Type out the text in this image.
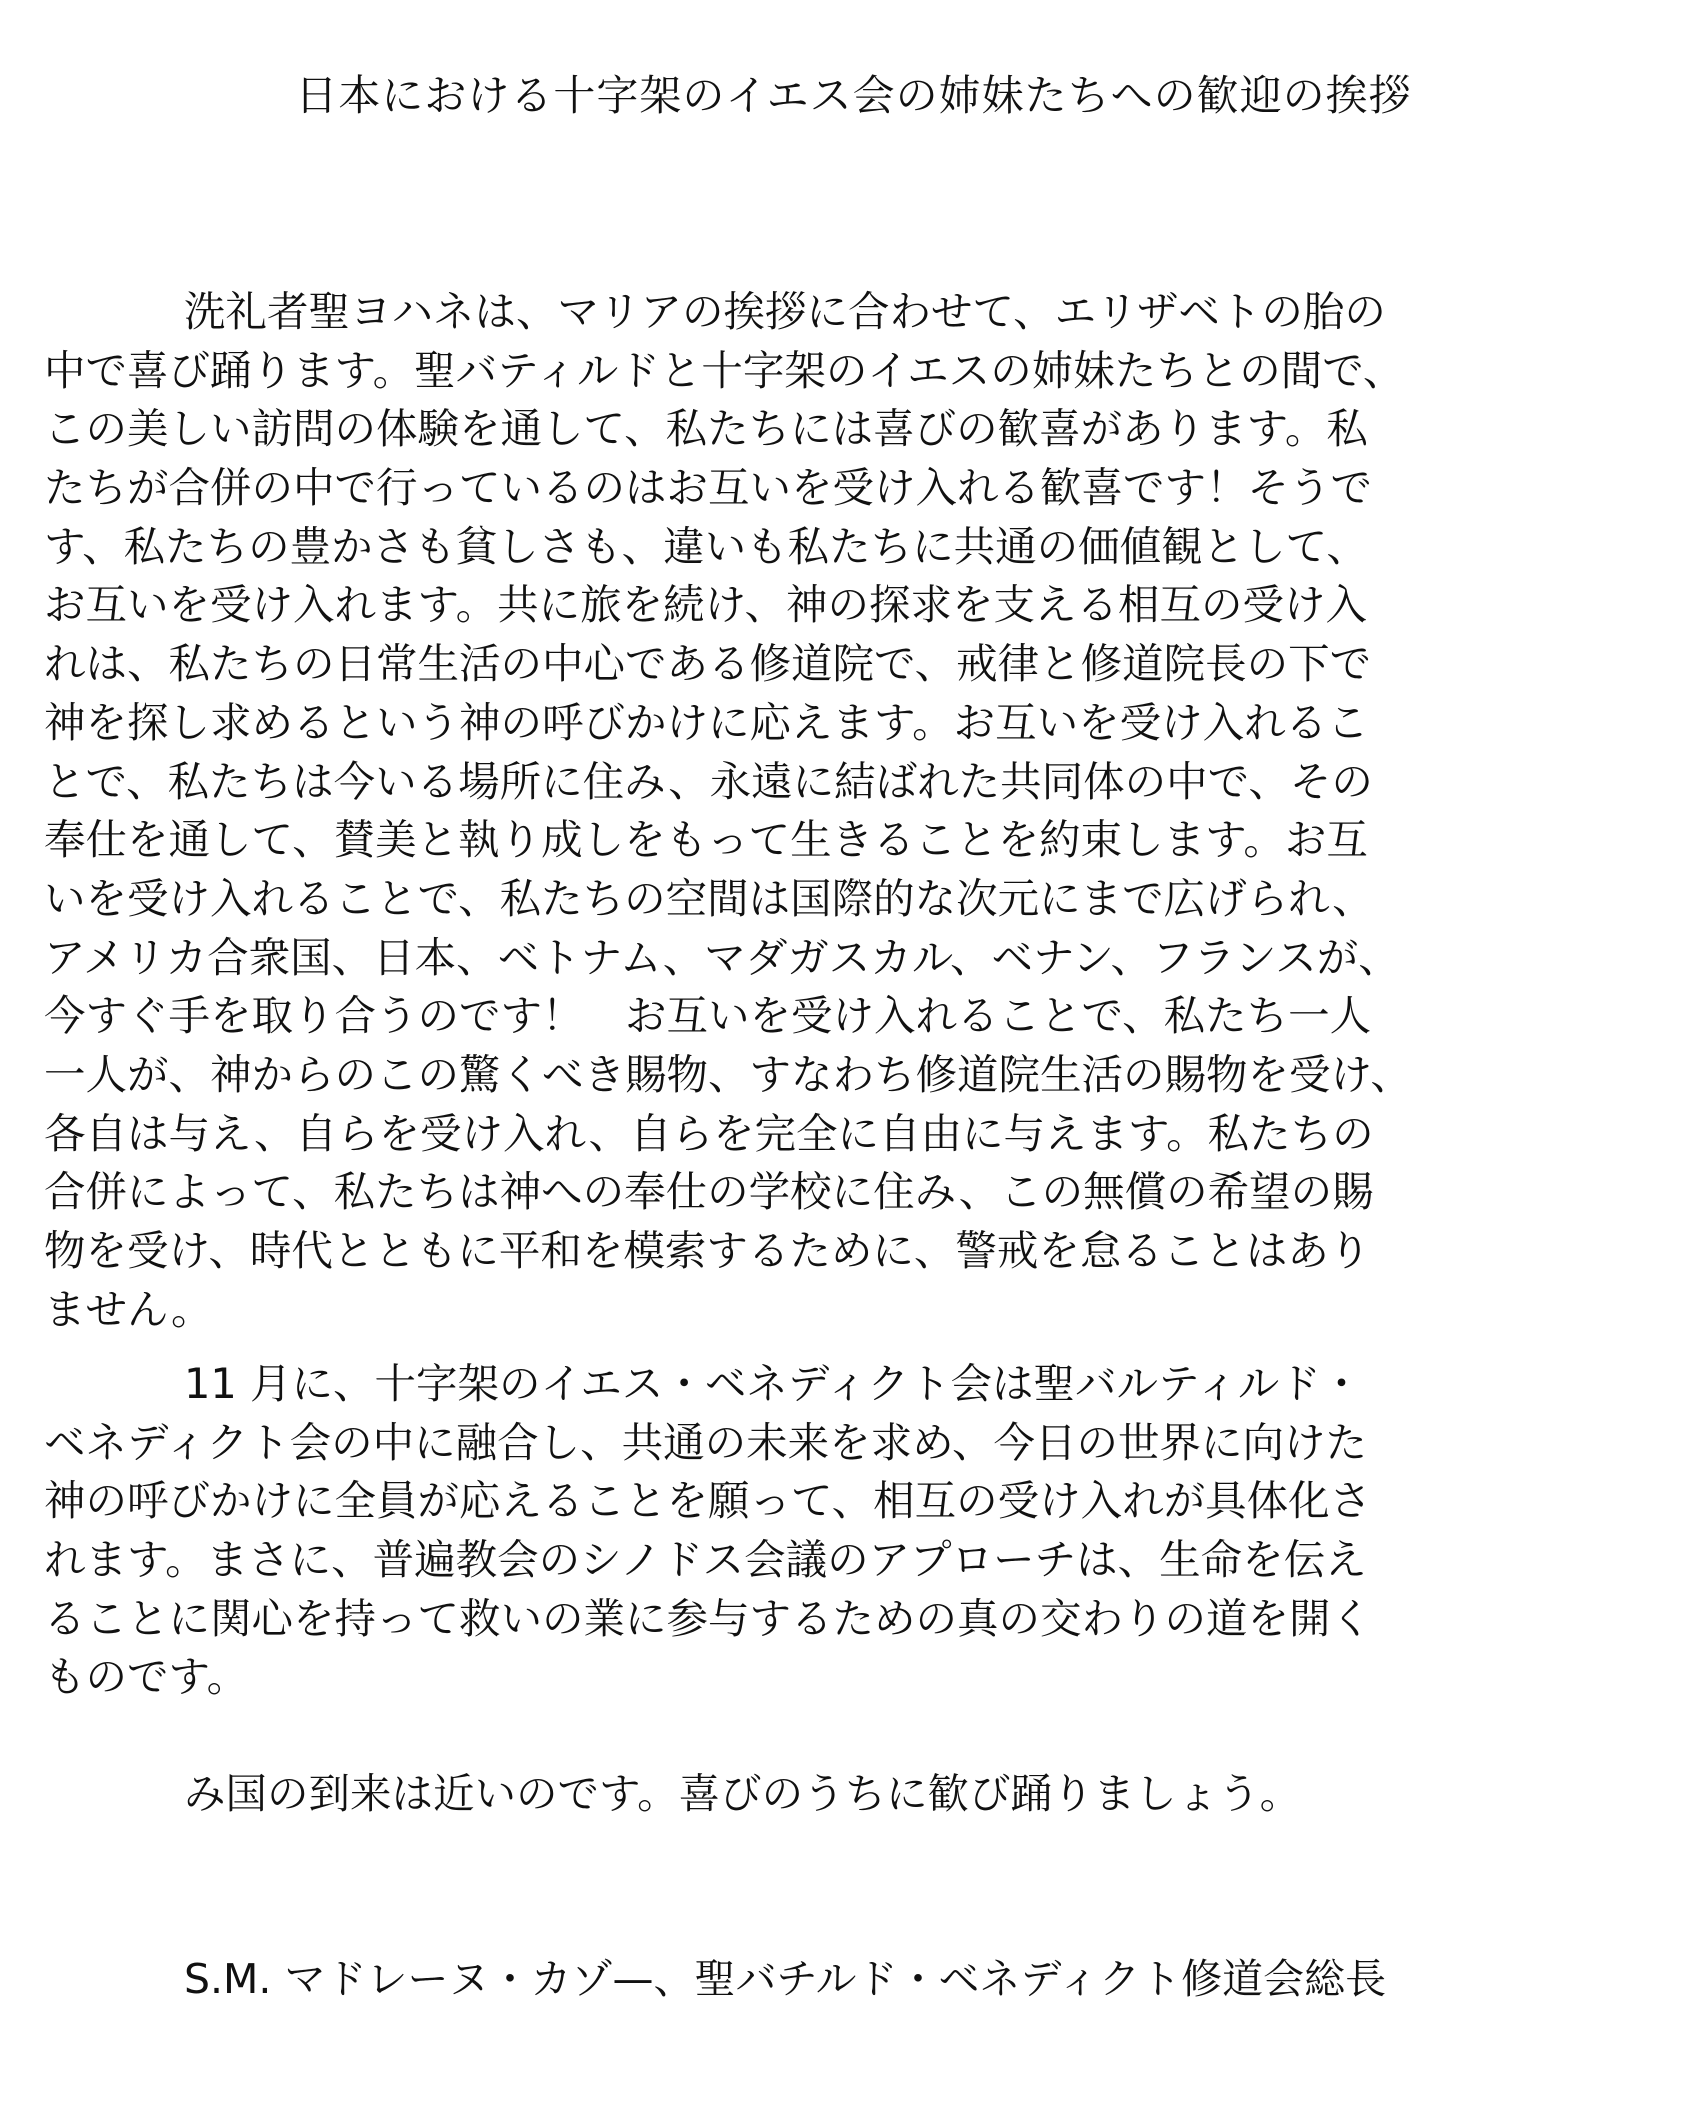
日本における十字架のイエス会の姉妹たちへの歓迎の挨拶
洗礼者聖ヨハネは、マリアの挨拶に合わせて、エリザベトの胎の
中で喜び踊ります。聖バティルドと十字架のイエスの姉妹たちとの間で、
この美しい訪問の体験を通して、私たちには喜びの歓喜があります。私
たちが合併の中で行っているのはお互いを受け入れる歓喜です！そうで
す、私たちの豊かさも貧しさも、違いも私たちに共通の価値観として、
お互いを受け入れます。共に旅を続け、神の探求を支える相互の受け入
れは、私たちの日常生活の中心である修道院で、戒律と修道院長の下で
神を探し求めるという神の呼びかけに応えます。お互いを受け入れるこ
とで、私たちは今いる場所に住み、永遠に結ばれた共同体の中で、その
奉仕を通して、賛美と執り成しをもって生きることを約束します。お互
いを受け入れることで、私たちの空間は国際的な次元にまで広げられ、
アメリカ合衆国、日本、ベトナム、マダガスカル、ベナン、フランスが、
今すぐ手を取り合うのです！　お互いを受け入れることで、私たち一人
一人が、神からのこの驚くべき賜物、すなわち修道院生活の賜物を受け、
各自は与え、自らを受け入れ、自らを完全に自由に与えます。私たちの
合併によって、私たちは神への奉仕の学校に住み、この無償の希望の賜
物を受け、時代とともに平和を模索するために、警戒を怠ることはあり
ません。
11 月に、十字架のイエス・ベネディクト会は聖バルティルド・
ベネディクト会の中に融合し、共通の未来を求め、今日の世界に向けた
神の呼びかけに全員が応えることを願って、相互の受け入れが具体化さ
れます。まさに、普遍教会のシノドス会議のアプローチは、生命を伝え
ることに関心を持って救いの業に参与するための真の交わりの道を開く
ものです。
み国の到来は近いのです。喜びのうちに歓び踊りましょう。

S.M. マドレーヌ・カゾ—、聖バチルド・ベネディクト修道会総長
